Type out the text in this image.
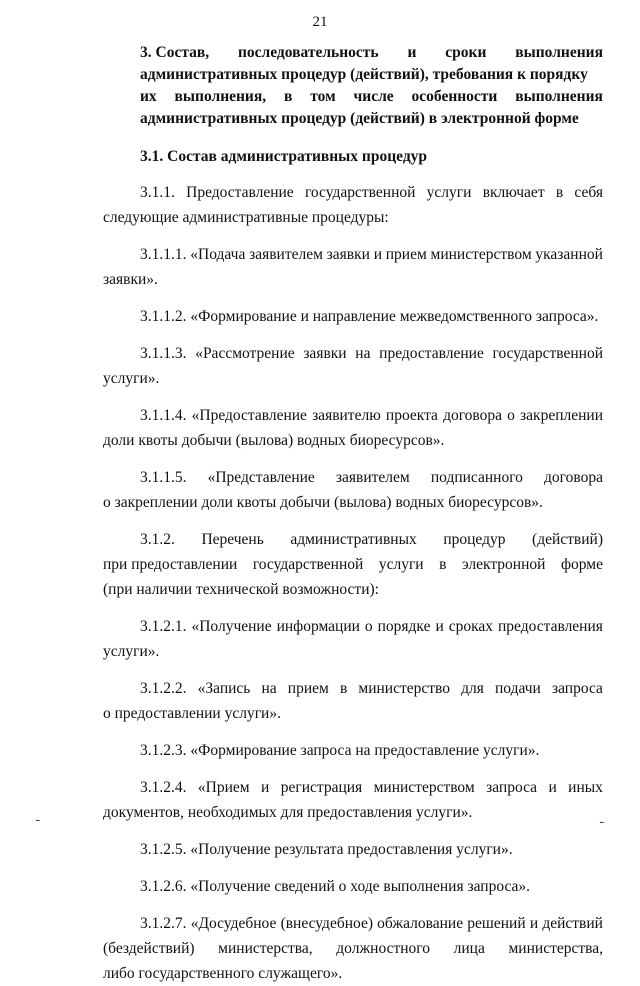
21
3. Состав, последовательность и сроки выполнения
административных процедур (действий), требования к порядку
их выполнения, в том числе особенности выполнения
административных процедур (действий) в электронной форме
3.1. Состав административных процедур
3.1.1. Предоставление государственной услуги включает в себя
следующие административные процедуры:
3.1.1.1. «Подача заявителем заявки и прием министерством указанной
заявки».
3.1.1.2. «Формирование и направление межведомственного запроса».
3.1.1.3. «Рассмотрение заявки на предоставление государственной
услуги».
3.1.1.4. «Предоставление заявителю проекта договора о закреплении
доли квоты добычи (вылова) водных биоресурсов».
3.1.1.5. «Представление заявителем подписанного договора
о закреплении доли квоты добычи (вылова) водных биоресурсов».
3.1.2. Перечень административных процедур (действий)
при предоставлении государственной услуги в электронной форме
(при наличии технической возможности):
3.1.2.1. «Получение информации о порядке и сроках предоставления
услуги».
3.1.2.2. «Запись на прием в министерство для подачи запроса
о предоставлении услуги».
3.1.2.3. «Формирование запроса на предоставление услуги».
3.1.2.4. «Прием и регистрация министерством запроса и иных
документов, необходимых для предоставления услуги».
3.1.2.5. «Получение результата предоставления услуги».
3.1.2.6. «Получение сведений о ходе выполнения запроса».
3.1.2.7. «Досудебное (внесудебное) обжалование решений и действий
(бездействий) министерства, должностного лица министерства,
либо государственного служащего».
ـ	ـ
